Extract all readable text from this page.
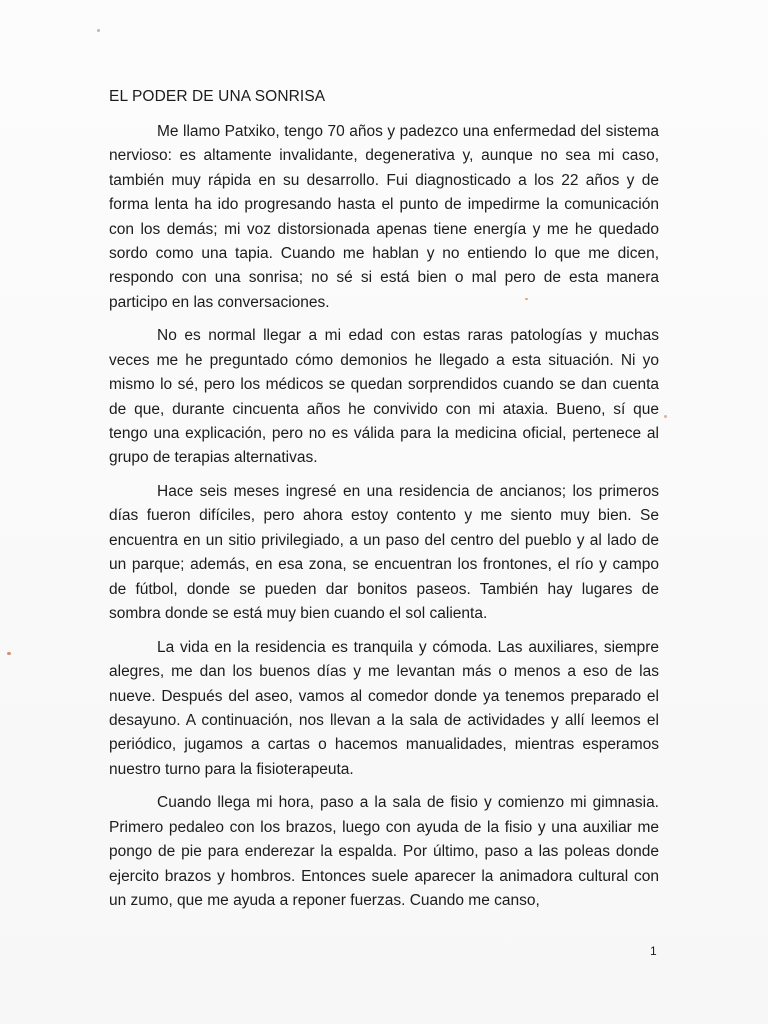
EL PODER DE UNA SONRISA

Me llamo Patxiko, tengo 70 años y padezco una enfermedad del sistema nervioso: es altamente invalidante, degenerativa y, aunque no sea mi caso, también muy rápida en su desarrollo. Fui diagnosticado a los 22 años y de forma lenta ha ido progresando hasta el punto de impedirme la comunicación con los demás; mi voz distorsionada apenas tiene energía y me he quedado sordo como una tapia. Cuando me hablan y no entiendo lo que me dicen, respondo con una sonrisa; no sé si está bien o mal pero de esta manera participo en las conversaciones.

No es normal llegar a mi edad con estas raras patologías y muchas veces me he preguntado cómo demonios he llegado a esta situación. Ni yo mismo lo sé, pero los médicos se quedan sorprendidos cuando se dan cuenta de que, durante cincuenta años he convivido con mi ataxia. Bueno, sí que tengo una explicación, pero no es válida para la medicina oficial, pertenece al grupo de terapias alternativas.

Hace seis meses ingresé en una residencia de ancianos; los primeros días fueron difíciles, pero ahora estoy contento y me siento muy bien. Se encuentra en un sitio privilegiado, a un paso del centro del pueblo y al lado de un parque; además, en esa zona, se encuentran los frontones, el río y campo de fútbol, donde se pueden dar bonitos paseos. También hay lugares de sombra donde se está muy bien cuando el sol calienta.

La vida en la residencia es tranquila y cómoda. Las auxiliares, siempre alegres, me dan los buenos días y me levantan más o menos a eso de las nueve. Después del aseo, vamos al comedor donde ya tenemos preparado el desayuno. A continuación, nos llevan a la sala de actividades y allí leemos el periódico, jugamos a cartas o hacemos manualidades, mientras esperamos nuestro turno para la fisioterapeuta.

Cuando llega mi hora, paso a la sala de fisio y comienzo mi gimnasia. Primero pedaleo con los brazos, luego con ayuda de la fisio y una auxiliar me pongo de pie para enderezar la espalda. Por último, paso a las poleas donde ejercito brazos y hombros. Entonces suele aparecer la animadora cultural con un zumo, que me ayuda a reponer fuerzas. Cuando me canso,

1
